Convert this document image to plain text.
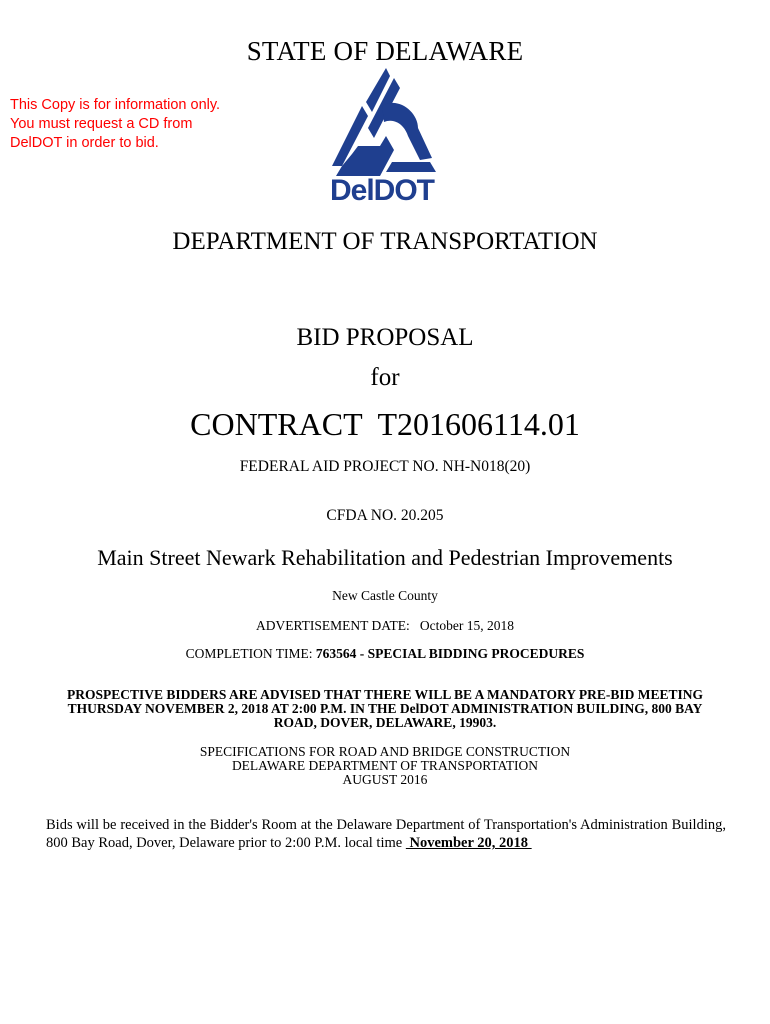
STATE OF DELAWARE
This Copy is for information only.
You must request a CD from
DelDOT in order to bid.
DelDOT
DEPARTMENT OF TRANSPORTATION
BID PROPOSAL
for
CONTRACT  T201606114.01
FEDERAL AID PROJECT NO. NH-N018(20)
CFDA NO. 20.205
Main Street Newark Rehabilitation and Pedestrian Improvements
New Castle County
ADVERTISEMENT DATE:   October 15, 2018
COMPLETION TIME: 763564 - SPECIAL BIDDING PROCEDURES
PROSPECTIVE BIDDERS ARE ADVISED THAT THERE WILL BE A MANDATORY PRE-BID MEETING
THURSDAY NOVEMBER 2, 2018 AT 2:00 P.M. IN THE DelDOT ADMINISTRATION BUILDING, 800 BAY
ROAD, DOVER, DELAWARE, 19903.
SPECIFICATIONS FOR ROAD AND BRIDGE CONSTRUCTION
DELAWARE DEPARTMENT OF TRANSPORTATION
AUGUST 2016
Bids will be received in the Bidder's Room at the Delaware Department of Transportation's Administration Building, 800 Bay Road, Dover, Delaware prior to 2:00 P.M. local time  November 20, 2018
